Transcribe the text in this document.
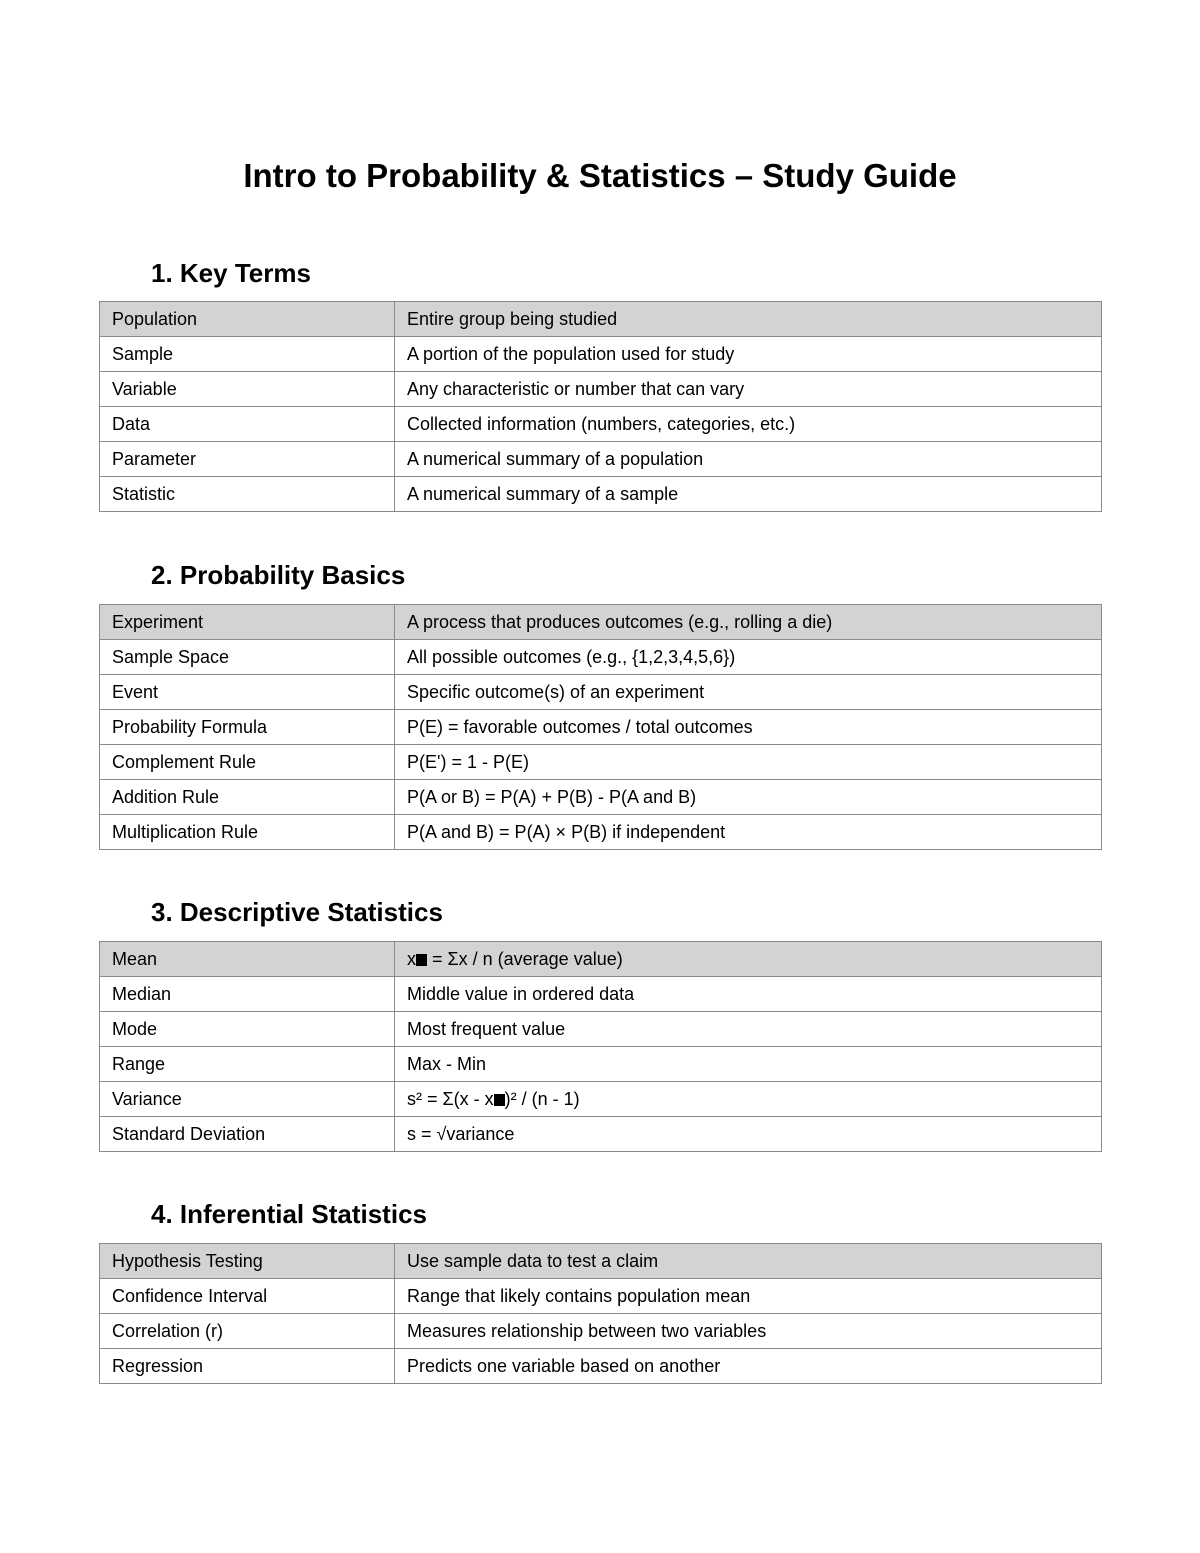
Intro to Probability & Statistics – Study Guide
1. Key Terms
Population	Entire group being studied
Sample	A portion of the population used for study
Variable	Any characteristic or number that can vary
Data	Collected information (numbers, categories, etc.)
Parameter	A numerical summary of a population
Statistic	A numerical summary of a sample
2. Probability Basics
Experiment	A process that produces outcomes (e.g., rolling a die)
Sample Space	All possible outcomes (e.g., {1,2,3,4,5,6})
Event	Specific outcome(s) of an experiment
Probability Formula	P(E) = favorable outcomes / total outcomes
Complement Rule	P(E') = 1 - P(E)
Addition Rule	P(A or B) = P(A) + P(B) - P(A and B)
Multiplication Rule	P(A and B) = P(A) × P(B) if independent
3. Descriptive Statistics
Mean	x = Σx / n (average value)
Median	Middle value in ordered data
Mode	Most frequent value
Range	Max - Min
Variance	s² = Σ(x - x )² / (n - 1)
Standard Deviation	s = √variance
4. Inferential Statistics
Hypothesis Testing	Use sample data to test a claim
Confidence Interval	Range that likely contains population mean
Correlation (r)	Measures relationship between two variables
Regression	Predicts one variable based on another
